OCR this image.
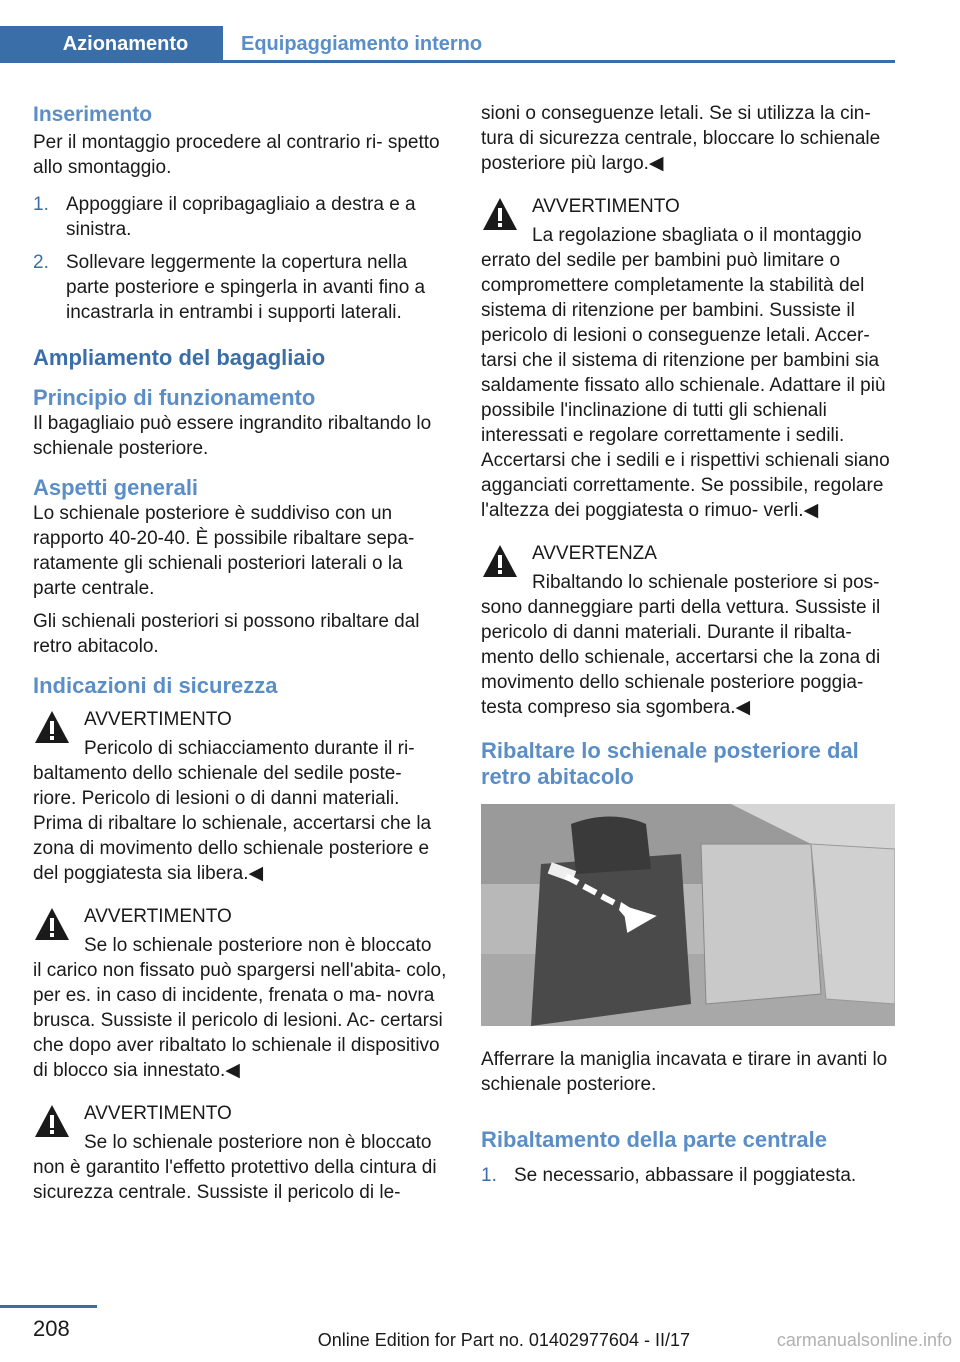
Azionamento	Equipaggiamento interno
Inserimento

Per il montaggio procedere al contrario ri- spetto allo smontaggio.

1. Appoggiare il copribagagliaio a destra e a sinistra.
2. Sollevare leggermente la copertura nella parte posteriore e spingerla in avanti fino a incastrarla in entrambi i supporti laterali.
Ampliamento del bagagliaio
Principio di funzionamento

Il bagagliaio può essere ingrandito ribaltando lo schienale posteriore.

Aspetti generali

Lo schienale posteriore è suddiviso con un rapporto 40-20-40. È possibile ribaltare sepa- ratamente gli schienali posteriori laterali o la parte centrale.

Gli schienali posteriori si possono ribaltare dal retro abitacolo.

Indicazioni di sicurezza
AVVERTIMENTO
Pericolo di schiacciamento durante il ri-

baltamento dello schienale del sedile poste- riore. Pericolo di lesioni o di danni materiali. Prima di ribaltare lo schienale, accertarsi che la zona di movimento dello schienale posteriore e del poggiatesta sia libera.◀

AVVERTIMENTO
Se lo schienale posteriore non è bloccato

il carico non fissato può spargersi nell'abita- colo, per es. in caso di incidente, frenata o ma- novra brusca. Sussiste il pericolo di lesioni. Ac- certarsi che dopo aver ribaltato lo schienale il dispositivo di blocco sia innestato.◀

AVVERTIMENTO
Se lo schienale posteriore non è bloccato

non è garantito l'effetto protettivo della cintura di sicurezza centrale. Sussiste il pericolo di le-

sioni o conseguenze letali. Se si utilizza la cin- tura di sicurezza centrale, bloccare lo schienale posteriore più largo.◀

AVVERTIMENTO
La regolazione sbagliata o il montaggio

errato del sedile per bambini può limitare o compromettere completamente la stabilità del sistema di ritenzione per bambini. Sussiste il pericolo di lesioni o conseguenze letali. Accer- tarsi che il sistema di ritenzione per bambini sia saldamente fissato allo schienale. Adattare il più possibile l'inclinazione di tutti gli schienali interessati e regolare correttamente i sedili. Accertarsi che i sedili e i rispettivi schienali siano agganciati correttamente. Se possibile, regolare l'altezza dei poggiatesta o rimuo- verli.◀

AVVERTENZA
Ribaltando lo schienale posteriore si pos-

sono danneggiare parti della vettura. Sussiste il pericolo di danni materiali. Durante il ribalta- mento dello schienale, accertarsi che la zona di movimento dello schienale posteriore poggia- testa compreso sia sgombera.◀

Ribaltare lo schienale posteriore dal retro abitacolo

Afferrare la maniglia incavata e tirare in avanti lo schienale posteriore.

Ribaltamento della parte centrale
1. Se necessario, abbassare il poggiatesta.
208	Online Edition for Part no. 01402977604 - II/17	carmanualsonline.info
